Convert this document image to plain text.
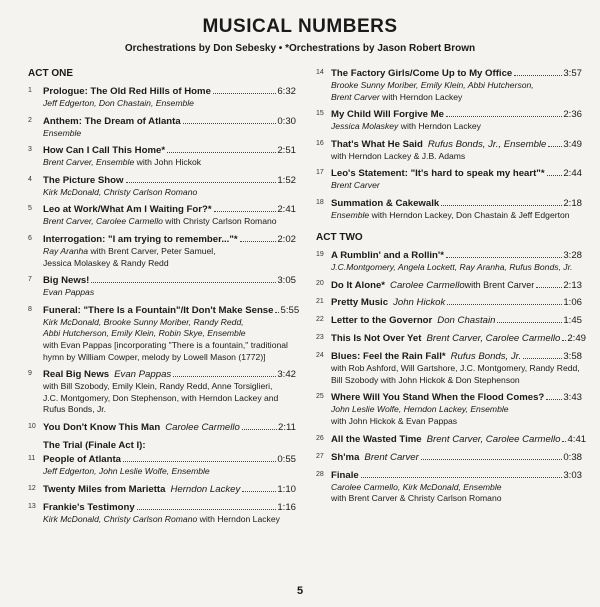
MUSICAL NUMBERS
Orchestrations by Don Sebesky • *Orchestrations by Jason Robert Brown
ACT ONE
1	Prologue: The Old Red Hills of Home	6:32
Jeff Edgerton, Don Chastain, Ensemble
2	Anthem: The Dream of Atlanta	0:30
Ensemble
3	How Can I Call This Home*	2:51
Brent Carver, Ensemble with John Hickok
4	The Picture Show	1:52
Kirk McDonald, Christy Carlson Romano
5	Leo at Work/What Am I Waiting For?*	2:41
Brent Carver, Carolee Carmello with Christy Carlson Romano
6	Interrogation: "I am trying to remember..."*	2:02
Ray Aranha with Brent Carver, Peter Samuel,
Jessica Molaskey & Randy Redd
7	Big News!	3:05
Evan Pappas
8	Funeral: "There Is a Fountain"/It Don't Make Sense 5:55
Kirk McDonald, Brooke Sunny Moriber, Randy Redd,
Abbi Hutcherson, Emily Klein, Robin Skye, Ensemble
with Evan Pappas [incorporating "There is a fountain," traditional
hymn by William Cowper, melody by Lowell Mason (1772)]
9	Real Big News Evan Pappas	3:42
with Bill Szobody, Emily Klein, Randy Redd, Anne Torsiglieri,
J.C. Montgomery, Don Stephenson, with Herndon Lackey and
Rufus Bonds, Jr.
10 You Don't Know This Man Carolee Carmello	2:11
The Trial (Finale Act I):
11 People of Atlanta	0:55
Jeff Edgerton, John Leslie Wolfe, Ensemble
12 Twenty Miles from Marietta Herndon Lackey	1:10
13 Frankie's Testimony	1:16
Kirk McDonald, Christy Carlson Romano with Herndon Lackey
14 The Factory Girls/Come Up to My Office	3:57
Brooke Sunny Moriber, Emily Klein, Abbi Hutcherson,
Brent Carver with Herndon Lackey
15 My Child Will Forgive Me	2:36
Jessica Molaskey with Herndon Lackey
16 That's What He Said Rufus Bonds, Jr., Ensemble 3:49
with Herndon Lackey & J.B. Adams
17 Leo's Statement: "It's hard to speak my heart"* 2:44
Brent Carver
18 Summation & Cakewalk	2:18
Ensemble with Herndon Lackey, Don Chastain & Jeff Edgerton
ACT TWO
19 A Rumblin' and a Rollin'*	3:28
J.C.Montgomery, Angela Lockett, Ray Aranha, Rufus Bonds, Jr.
20 Do It Alone* Carolee Carmello with Brent Carver	2:13
21 Pretty Music John Hickok	1:06
22 Letter to the Governor Don Chastain	1:45
23 This Is Not Over Yet Brent Carver, Carolee Carmello 2:49
24 Blues: Feel the Rain Fall* Rufus Bonds, Jr.	3:58
with Rob Ashford, Will Gartshore, J.C. Montgomery, Randy Redd,
Bill Szobody with John Hickok & Don Stephenson
25 Where Will You Stand When the Flood Comes? 3:43
John Leslie Wolfe, Herndon Lackey, Ensemble
with John Hickok & Evan Pappas
26 All the Wasted Time Brent Carver, Carolee Carmello 4:41
27 Sh'ma Brent Carver	0:38
28 Finale	3:03
Carolee Carmello, Kirk McDonald, Ensemble
with Brent Carver & Christy Carlson Romano
5
